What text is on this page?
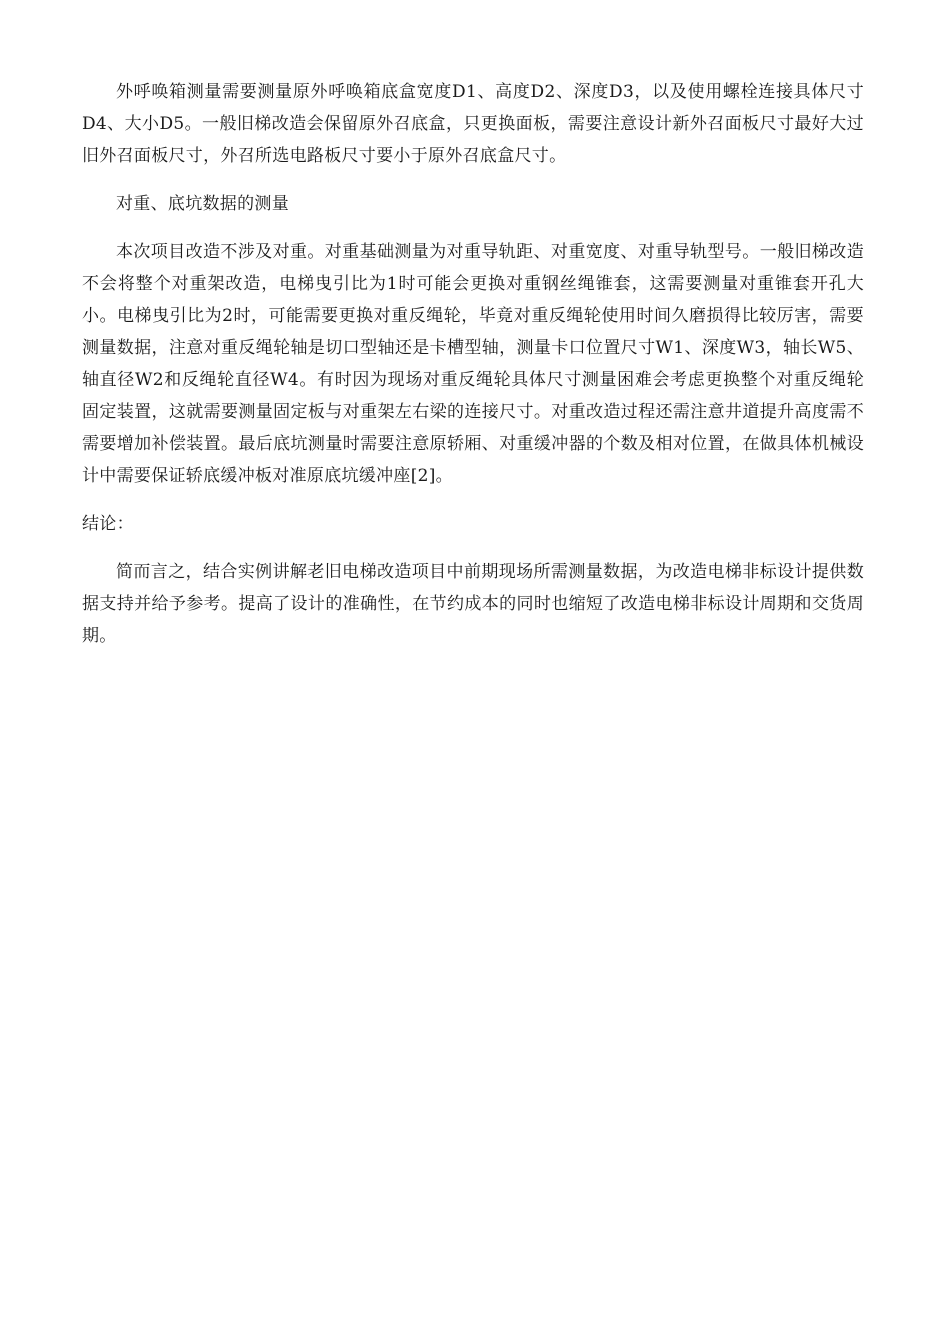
外呼唤箱测量需要测量原外呼唤箱底盒宽度D1、高度D2、深度D3，以及使用螺栓连接具体尺寸D4、大小D5。一般旧梯改造会保留原外召底盒，只更换面板，需要注意设计新外召面板尺寸最好大过旧外召面板尺寸，外召所选电路板尺寸要小于原外召底盒尺寸。

对重、底坑数据的测量

本次项目改造不涉及对重。对重基础测量为对重导轨距、对重宽度、对重导轨型号。一般旧梯改造不会将整个对重架改造，电梯曳引比为1时可能会更换对重钢丝绳锥套，这需要测量对重锥套开孔大小。电梯曳引比为2时，可能需要更换对重反绳轮，毕竟对重反绳轮使用时间久磨损得比较厉害，需要测量数据，注意对重反绳轮轴是切口型轴还是卡槽型轴，测量卡口位置尺寸W1、深度W3，轴长W5、轴直径W2和反绳轮直径W4。有时因为现场对重反绳轮具体尺寸测量困难会考虑更换整个对重反绳轮固定装置，这就需要测量固定板与对重架左右梁的连接尺寸。对重改造过程还需注意井道提升高度需不需要增加补偿装置。最后底坑测量时需要注意原轿厢、对重缓冲器的个数及相对位置，在做具体机械设计中需要保证轿底缓冲板对准原底坑缓冲座[2]。

结论：

简而言之，结合实例讲解老旧电梯改造项目中前期现场所需测量数据，为改造电梯非标设计提供数据支持并给予参考。提高了设计的准确性，在节约成本的同时也缩短了改造电梯非标设计周期和交货周期。
